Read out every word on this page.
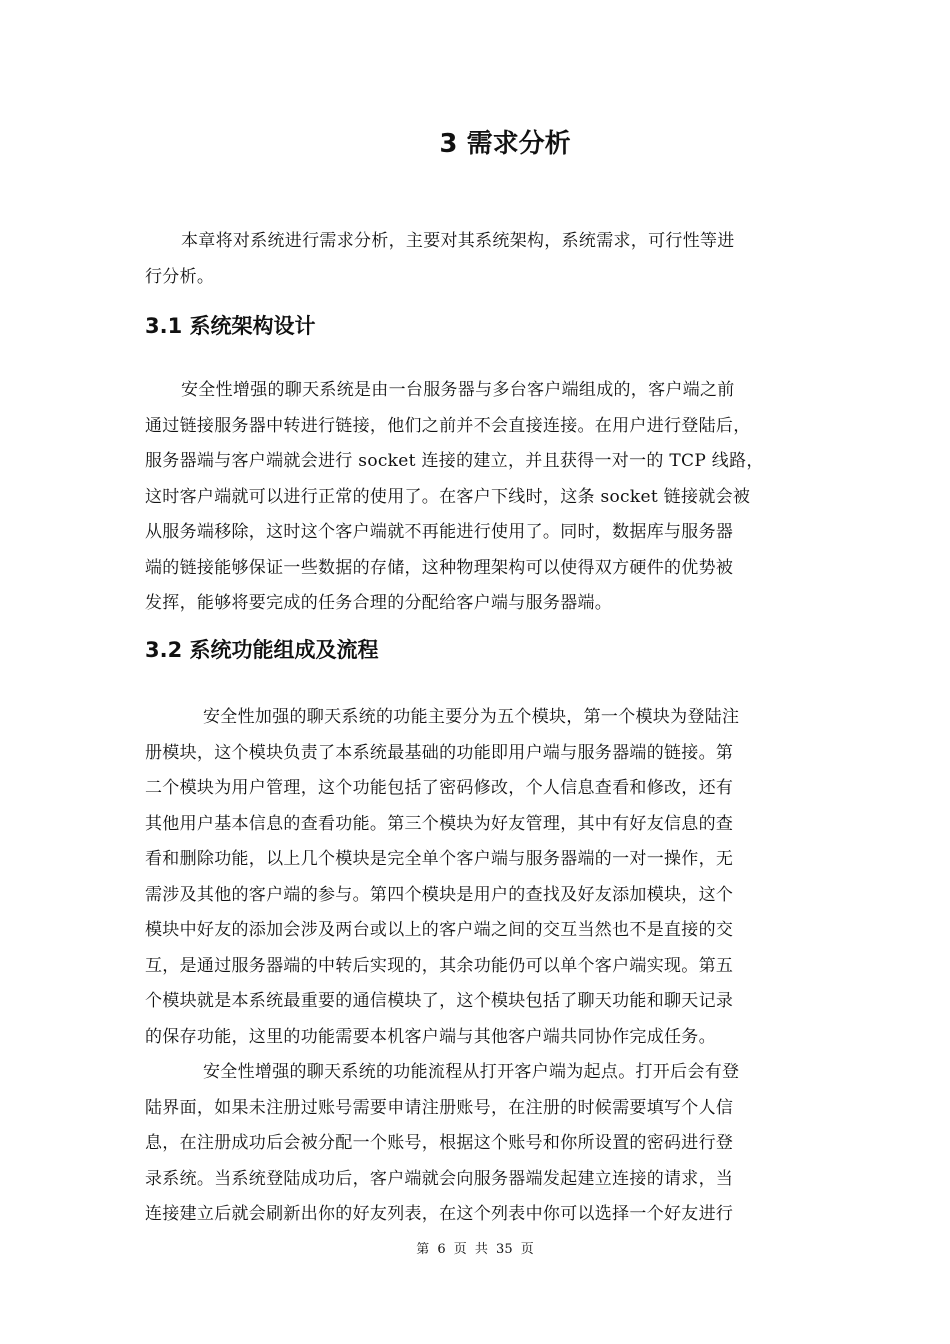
3 需求分析
本章将对系统进行需求分析，主要对其系统架构，系统需求，可行性等进
行分析。
3.1 系统架构设计
安全性增强的聊天系统是由一台服务器与多台客户端组成的，客户端之前
通过链接服务器中转进行链接，他们之前并不会直接连接。在用户进行登陆后，
服务器端与客户端就会进行 socket 连接的建立，并且获得一对一的 TCP 线路，
这时客户端就可以进行正常的使用了。在客户下线时，这条 socket 链接就会被
从服务端移除，这时这个客户端就不再能进行使用了。同时，数据库与服务器
端的链接能够保证一些数据的存储，这种物理架构可以使得双方硬件的优势被
发挥，能够将要完成的任务合理的分配给客户端与服务器端。
3.2 系统功能组成及流程
安全性加强的聊天系统的功能主要分为五个模块，第一个模块为登陆注
册模块，这个模块负责了本系统最基础的功能即用户端与服务器端的链接。第
二个模块为用户管理，这个功能包括了密码修改，个人信息查看和修改，还有
其他用户基本信息的查看功能。第三个模块为好友管理，其中有好友信息的查
看和删除功能，以上几个模块是完全单个客户端与服务器端的一对一操作，无
需涉及其他的客户端的参与。第四个模块是用户的查找及好友添加模块，这个
模块中好友的添加会涉及两台或以上的客户端之间的交互当然也不是直接的交
互，是通过服务器端的中转后实现的，其余功能仍可以单个客户端实现。第五
个模块就是本系统最重要的通信模块了，这个模块包括了聊天功能和聊天记录
的保存功能，这里的功能需要本机客户端与其他客户端共同协作完成任务。
安全性增强的聊天系统的功能流程从打开客户端为起点。打开后会有登
陆界面，如果未注册过账号需要申请注册账号，在注册的时候需要填写个人信
息，在注册成功后会被分配一个账号，根据这个账号和你所设置的密码进行登
录系统。当系统登陆成功后，客户端就会向服务器端发起建立连接的请求，当
连接建立后就会刷新出你的好友列表，在这个列表中你可以选择一个好友进行
第 6 页 共 35 页
